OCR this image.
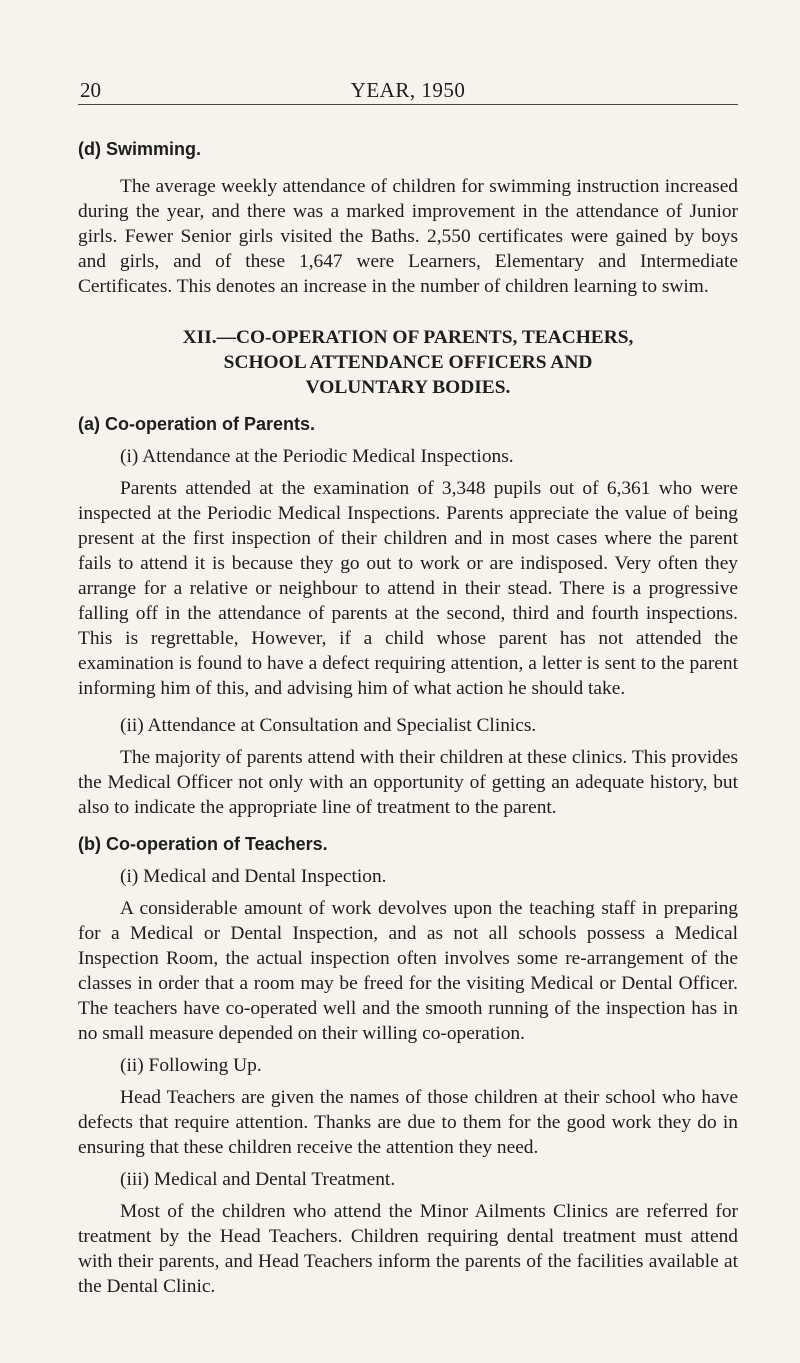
20	YEAR, 1950

(d) Swimming.

The average weekly attendance of children for swimming instruction increased during the year, and there was a marked improvement in the attendance of Junior girls. Fewer Senior girls visited the Baths. 2,550 certificates were gained by boys and girls, and of these 1,647 were Learners, Elementary and Intermediate Certificates. This denotes an increase in the number of children learning to swim.

XII.—CO-OPERATION OF PARENTS, TEACHERS,
SCHOOL ATTENDANCE OFFICERS AND
VOLUNTARY BODIES.

(a) Co-operation of Parents.

(i) Attendance at the Periodic Medical Inspections.

Parents attended at the examination of 3,348 pupils out of 6,361 who were inspected at the Periodic Medical Inspections. Parents appreciate the value of being present at the first inspection of their children and in most cases where the parent fails to attend it is because they go out to work or are indisposed. Very often they arrange for a relative or neighbour to attend in their stead. There is a progressive falling off in the attendance of parents at the second, third and fourth inspections. This is regrettable, However, if a child whose parent has not attended the examination is found to have a defect requiring attention, a letter is sent to the parent informing him of this, and advising him of what action he should take.

(ii) Attendance at Consultation and Specialist Clinics.

The majority of parents attend with their children at these clinics. This provides the Medical Officer not only with an opportunity of getting an adequate history, but also to indicate the appropriate line of treatment to the parent.

(b) Co-operation of Teachers.

(i) Medical and Dental Inspection.

A considerable amount of work devolves upon the teaching staff in preparing for a Medical or Dental Inspection, and as not all schools possess a Medical Inspection Room, the actual inspection often involves some re-arrangement of the classes in order that a room may be freed for the visiting Medical or Dental Officer. The teachers have co-operated well and the smooth running of the inspection has in no small measure depended on their willing co-operation.

(ii) Following Up.

Head Teachers are given the names of those children at their school who have defects that require attention. Thanks are due to them for the good work they do in ensuring that these children receive the attention they need.

(iii) Medical and Dental Treatment.

Most of the children who attend the Minor Ailments Clinics are referred for treatment by the Head Teachers. Children requiring dental treatment must attend with their parents, and Head Teachers inform the parents of the facilities available at the Dental Clinic.
